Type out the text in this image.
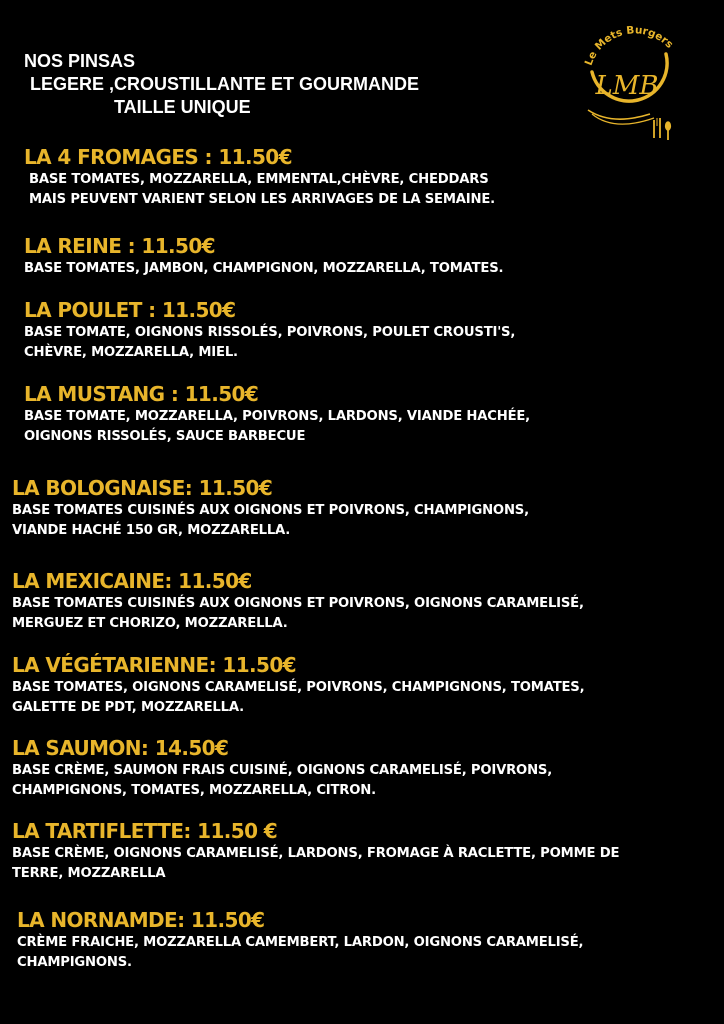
NOS PINSAS
LEGERE ,CROUSTILLANTE ET GOURMANDE
TAILLE UNIQUE
Le Mets Burgers
LMB
LA 4 FROMAGES : 11.50€
BASE TOMATES, MOZZARELLA, EMMENTAL,CHÈVRE, CHEDDARS
MAIS PEUVENT VARIENT SELON LES ARRIVAGES DE LA SEMAINE.
LA REINE : 11.50€
BASE TOMATES, JAMBON, CHAMPIGNON, MOZZARELLA, TOMATES.
LA POULET : 11.50€
BASE TOMATE, OIGNONS RISSOLÉS, POIVRONS, POULET CROUSTI'S,
CHÈVRE, MOZZARELLA, MIEL.
LA MUSTANG : 11.50€
BASE TOMATE, MOZZARELLA, POIVRONS, LARDONS, VIANDE HACHÉE,
OIGNONS RISSOLÉS, SAUCE BARBECUE
LA BOLOGNAISE: 11.50€
BASE TOMATES CUISINÉS AUX OIGNONS ET POIVRONS, CHAMPIGNONS,
VIANDE HACHÉ 150 GR, MOZZARELLA.
LA MEXICAINE: 11.50€
BASE TOMATES CUISINÉS AUX OIGNONS ET POIVRONS, OIGNONS CARAMELISÉ,
MERGUEZ ET CHORIZO, MOZZARELLA.
LA VÉGÉTARIENNE: 11.50€
BASE TOMATES, OIGNONS CARAMELISÉ, POIVRONS, CHAMPIGNONS, TOMATES,
GALETTE DE PDT, MOZZARELLA.
LA SAUMON: 14.50€
BASE CRÈME, SAUMON FRAIS CUISINÉ, OIGNONS CARAMELISÉ, POIVRONS,
CHAMPIGNONS, TOMATES, MOZZARELLA, CITRON.
LA TARTIFLETTE: 11.50 €
BASE CRÈME, OIGNONS CARAMELISÉ, LARDONS, FROMAGE À RACLETTE, POMME DE
TERRE, MOZZARELLA
LA NORNAMDE: 11.50€
CRÈME FRAICHE, MOZZARELLA CAMEMBERT, LARDON, OIGNONS CARAMELISÉ,
CHAMPIGNONS.
